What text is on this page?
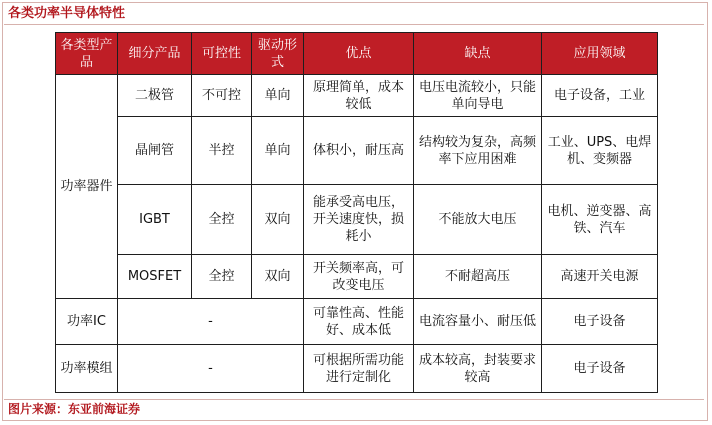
各类功率半导体特性
各类型产品	细分产品	可控性	驱动形式	优点	缺点	应用领域
功率器件	二极管	不可控	单向	原理简单，成本较低	电压电流较小，只能单向导电	电子设备，工业
	晶闸管	半控	单向	体积小，耐压高	结构较为复杂，高频率下应用困难	工业、UPS、电焊机、变频器
	IGBT	全控	双向	能承受高电压，开关速度快，损耗小	不能放大电压	电机、逆变器、高铁、汽车
	MOSFET	全控	双向	开关频率高，可改变电压	不耐超高压	高速开关电源
功率IC	-			可靠性高、性能好、成本低	电流容量小、耐压低	电子设备
功率模组	-			可根据所需功能进行定制化	成本较高，封装要求较高	电子设备
图片来源：东亚前海证券
